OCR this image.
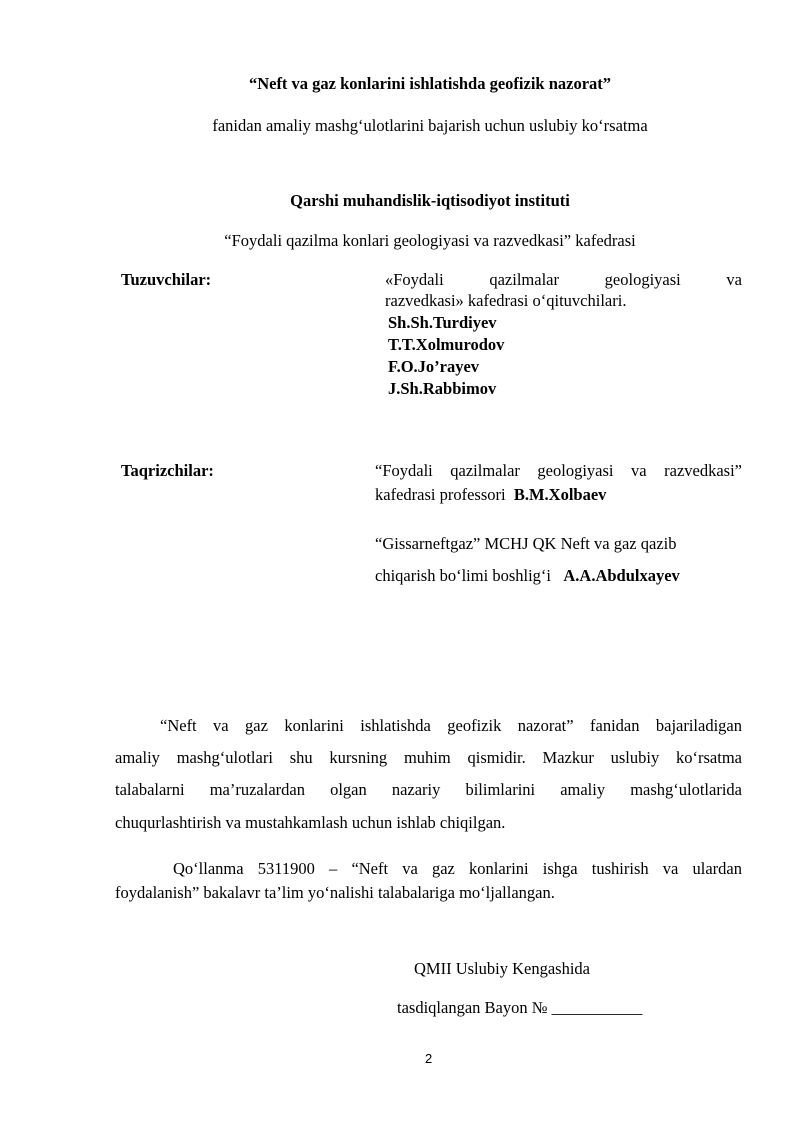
“Neft va gaz konlarini ishlatishda geofizik nazorat”
fanidan amaliy mashg‘ulotlarini bajarish uchun uslubiy ko‘rsatma
Qarshi muhandislik-iqtisodiyot instituti
“Foydali qazilma konlari geologiyasi va razvedkasi” kafedrasi
Tuzuvchilar:	«Foydali qazilmalar geologiyasi va
razvedkasi» kafedrasi o‘qituvchilari.
Sh.Sh.Turdiyev
T.T.Xolmurodov
F.O.Jo’rayev
J.Sh.Rabbimov
Taqrizchilar:	“Foydali qazilmalar geologiyasi va razvedkasi”
kafedrasi professori B.M.Xolbaev
“Gissarneftgaz” MCHJ QK Neft va gaz qazib
chiqarish bo‘limi boshlig‘i A.A.Abdulxayev
“Neft va gaz konlarini ishlatishda geofizik nazorat” fanidan bajariladigan
amaliy mashg‘ulotlari shu kursning muhim qismidir. Mazkur uslubiy ko‘rsatma
talabalarni ma’ruzalardan olgan nazariy bilimlarini amaliy mashg‘ulotlarida
chuqurlashtirish va mustahkamlash uchun ishlab chiqilgan.
Qo‘llanma 5311900 – “Neft va gaz konlarini ishga tushirish va ulardan
foydalanish” bakalavr ta’lim yo‘nalishi talabalariga mo‘ljallangan.
QMII Uslubiy Kengashida
tasdiqlangan Bayon № ___________
2
